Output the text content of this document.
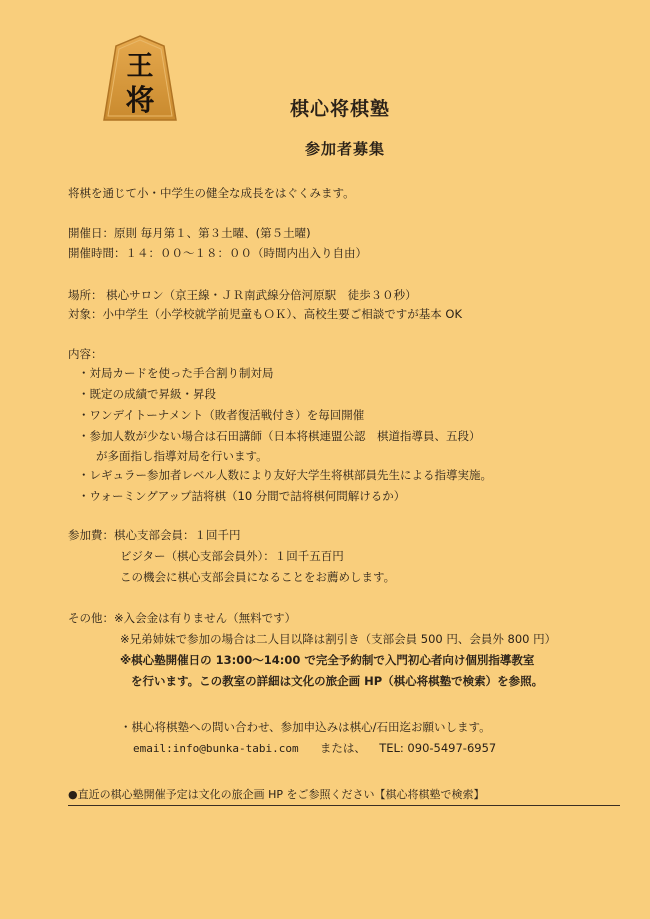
王
将	棋心将棋塾
参加者募集
将棋を通じて小・中学生の健全な成長をはぐくみます。
開催日：原則 毎月第１、第３土曜、(第５土曜)
開催時間：１４：００～１８：００（時間内出入り自由）
場所： 棋心サロン（京王線・ＪＲ南武線分倍河原駅　徒歩３０秒）
対象：小中学生（小学校就学前児童もＯＫ）、高校生要ご相談ですが基本 OK
内容：
・対局カードを使った手合割り制対局
・既定の成績で昇級・昇段
・ワンデイトーナメント（敗者復活戦付き）を毎回開催
・参加人数が少ない場合は石田講師（日本将棋連盟公認　棋道指導員、五段）
が多面指し指導対局を行います。
・レギュラー参加者レベル人数により友好大学生将棋部員先生による指導実施。
・ウォーミングアップ詰将棋（10 分間で詰将棋何問解けるか）
参加費：棋心支部会員：１回千円
ビジター（棋心支部会員外）：１回千五百円
この機会に棋心支部会員になることをお薦めします。
その他：※入会金は有りません（無料です）
※兄弟姉妹で参加の場合は二人目以降は割引き（支部会員 500 円、会員外 800 円）
※棋心塾開催日の 13:00～14:00 で完全予約制で入門初心者向け個別指導教室
を行います。この教室の詳細は文化の旅企画 HP（棋心将棋塾で検索）を参照。
・棋心将棋塾への問い合わせ、参加申込みは棋心/石田迄お願いします。
email:info@bunka-tabi.com または、 TEL: 090-5497-6957
●直近の棋心塾開催予定は文化の旅企画 HP をご参照ください【棋心将棋塾で検索】
